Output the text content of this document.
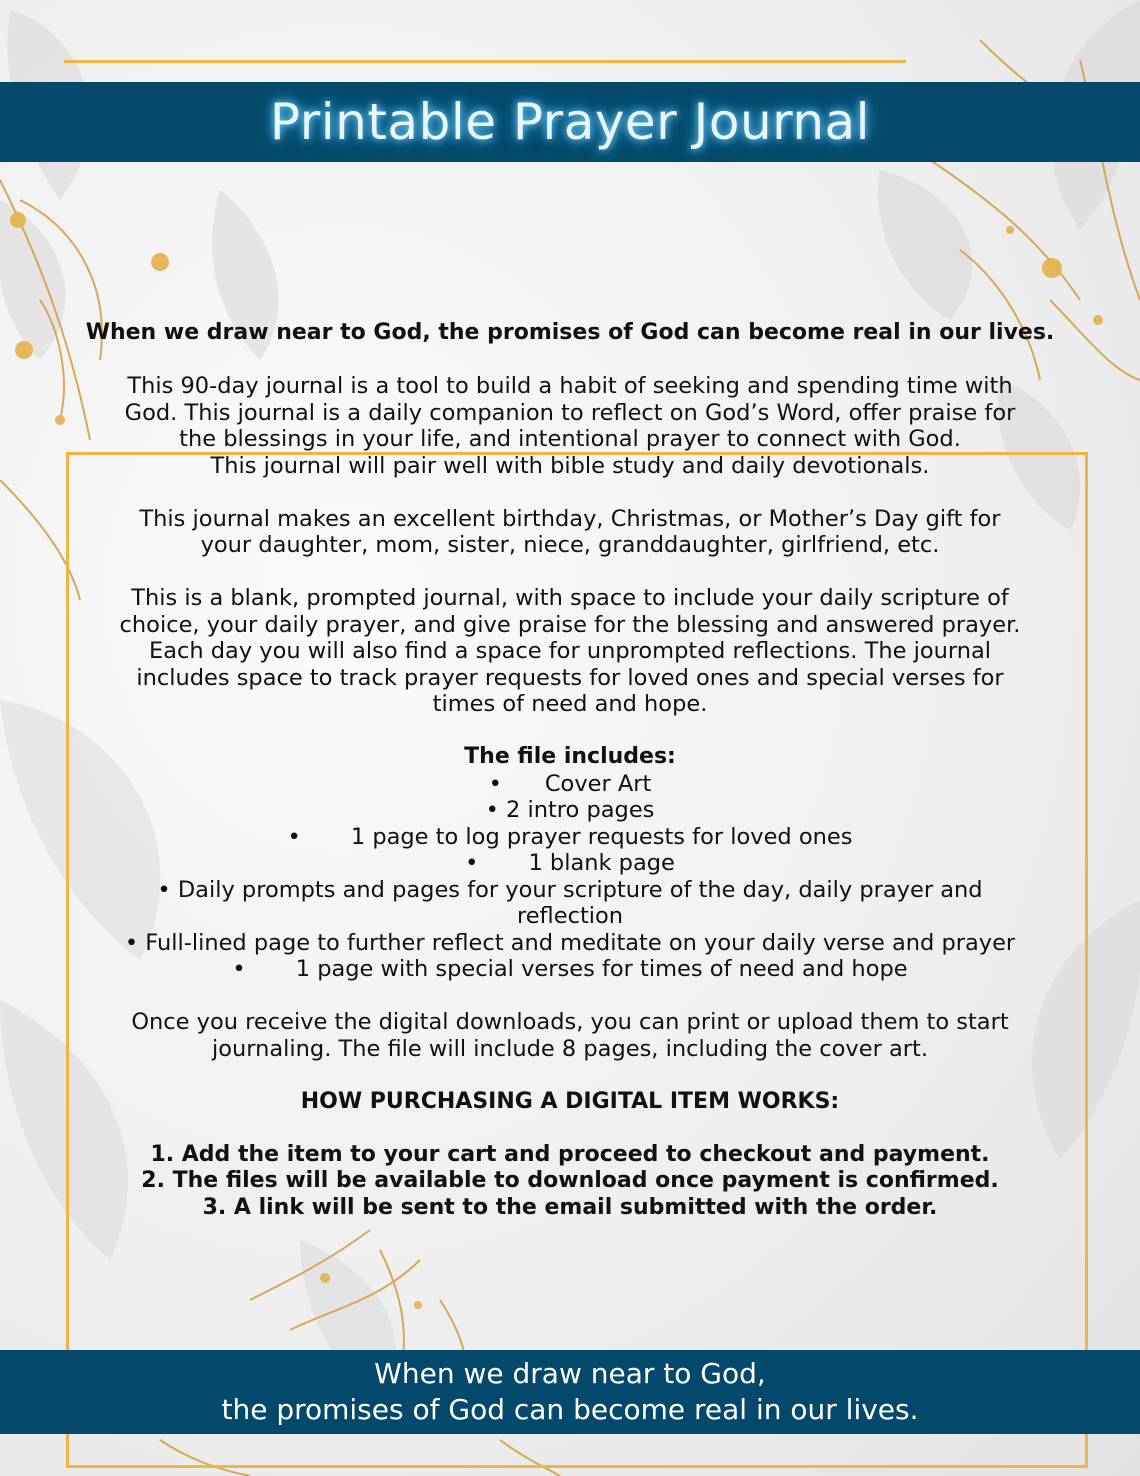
Printable Prayer Journal

When we draw near to God, the promises of God can become real in our lives.

This 90-day journal is a tool to build a habit of seeking and spending time with
God. This journal is a daily companion to reflect on God’s Word, offer praise for
the blessings in your life, and intentional prayer to connect with God.
This journal will pair well with bible study and daily devotionals.
This journal makes an excellent birthday, Christmas, or Mother’s Day gift for
your daughter, mom, sister, niece, granddaughter, girlfriend, etc.
This is a blank, prompted journal, with space to include your daily scripture of
choice, your daily prayer, and give praise for the blessing and answered prayer.
Each day you will also find a space for unprompted reflections. The journal
includes space to track prayer requests for loved ones and special verses for
times of need and hope.
The file includes:
•      Cover Art
• 2 intro pages
•       1 page to log prayer requests for loved ones
•       1 blank page
• Daily prompts and pages for your scripture of the day, daily prayer and
reflection
• Full-lined page to further reflect and meditate on your daily verse and prayer
•       1 page with special verses for times of need and hope
Once you receive the digital downloads, you can print or upload them to start
journaling. The file will include 8 pages, including the cover art.
HOW PURCHASING A DIGITAL ITEM WORKS:
1. Add the item to your cart and proceed to checkout and payment.
2. The files will be available to download once payment is confirmed.
3. A link will be sent to the email submitted with the order.
When we draw near to God,
the promises of God can become real in our lives.
